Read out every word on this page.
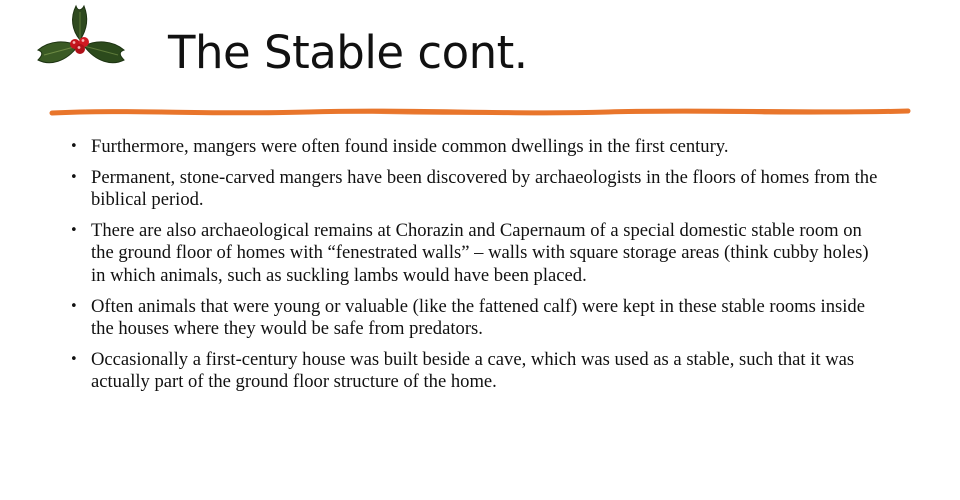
The Stable cont.
• Furthermore, mangers were often found inside common dwellings in the first century.
• Permanent, stone-carved mangers have been discovered by archaeologists in the floors of homes from the biblical period.
• There are also archaeological remains at Chorazin and Capernaum of a special domestic stable room on the ground floor of homes with “fenestrated walls” – walls with square storage areas (think cubby holes) in which animals, such as suckling lambs would have been placed.
• Often animals that were young or valuable (like the fattened calf) were kept in these stable rooms inside the houses where they would be safe from predators.
• Occasionally a first-century house was built beside a cave, which was used as a stable, such that it was actually part of the ground floor structure of the home.
